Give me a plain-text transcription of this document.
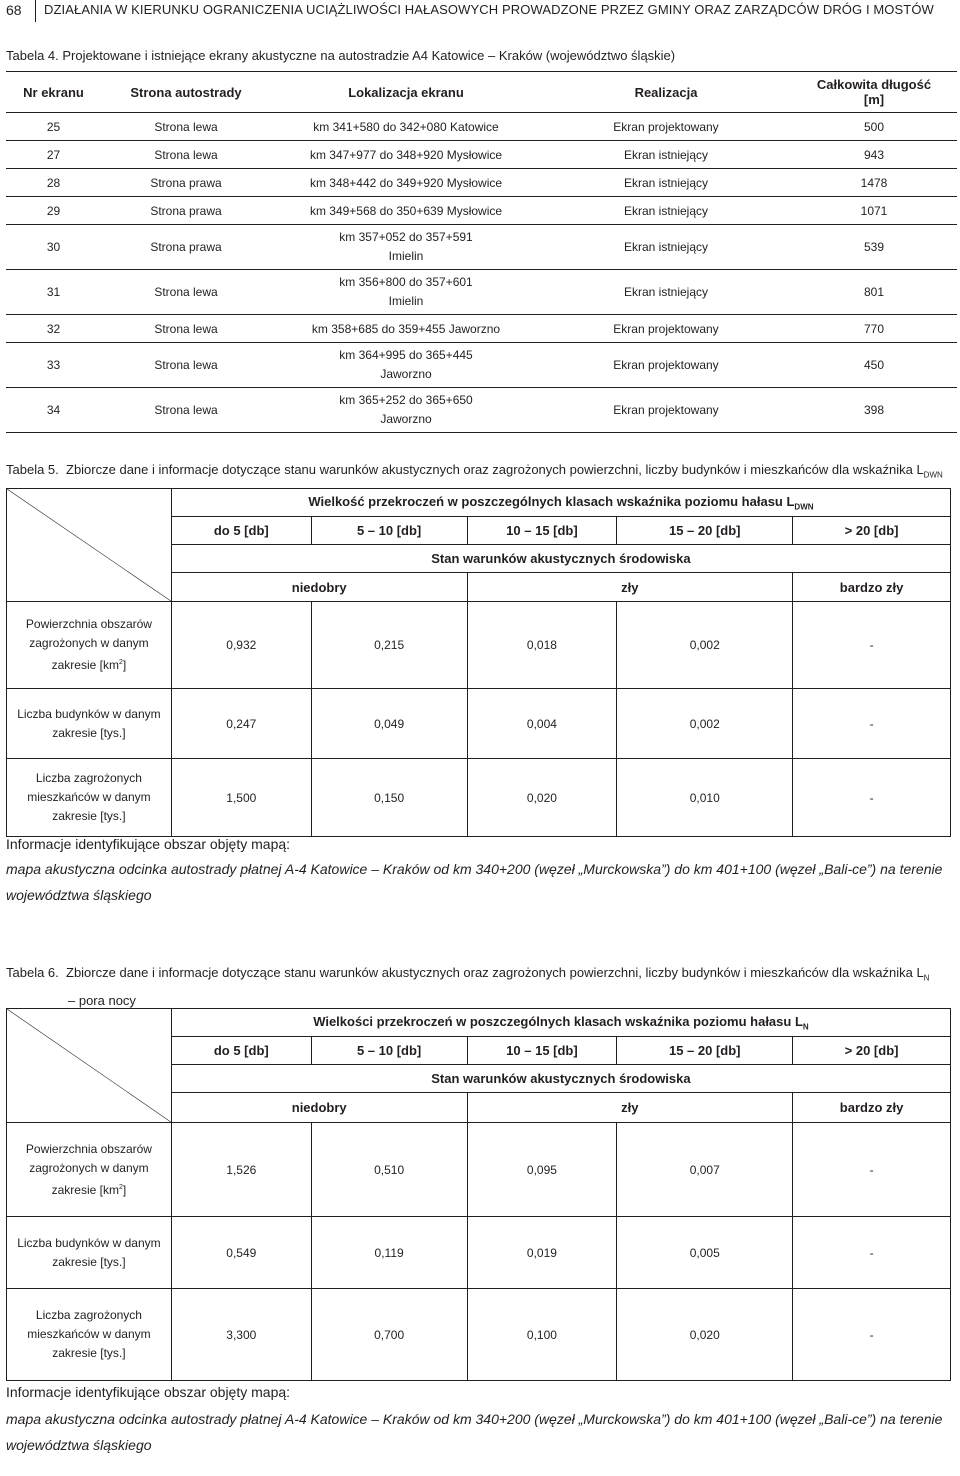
68 DZIAŁANIA W KIERUNKU OGRANICZENIA UCIĄŻLIWOŚCI HAŁASOWYCH PROWADZONE PRZEZ GMINY ORAZ ZARZĄDCÓW DRÓG I MOSTÓW
Tabela 4. Projektowane i istniejące ekrany akustyczne na autostradzie A4 Katowice – Kraków (województwo śląskie)
Nr ekranu	Strona autostrady	Lokalizacja ekranu	Realizacja	Całkowita długość
[m]
25	Strona lewa	km 341+580 do 342+080 Katowice	Ekran projektowany	500
27	Strona lewa	km 347+977 do 348+920 Mysłowice	Ekran istniejący	943
28	Strona prawa	km 348+442 do 349+920 Mysłowice	Ekran istniejący	1478
29	Strona prawa	km 349+568 do 350+639 Mysłowice	Ekran istniejący	1071
30	Strona prawa	km 357+052 do 357+591
Imielin	Ekran istniejący	539
31	Strona lewa	km 356+800 do 357+601
Imielin	Ekran istniejący	801
32	Strona lewa	km 358+685 do 359+455 Jaworzno	Ekran projektowany	770
33	Strona lewa	km 364+995 do 365+445
Jaworzno	Ekran projektowany	450
34	Strona lewa	km 365+252 do 365+650
Jaworzno	Ekran projektowany	398
Tabela 5. Zbiorcze dane i informacje dotyczące stanu warunków akustycznych oraz zagrożonych powierzchni, liczby budynków i mieszkańców dla wskaźnika $L_{DWN}$
	Wielkość przekroczeń w poszczególnych klasach wskaźnika poziomu hałasu $L_{DWN}$
	do 5 [db]	5 – 10 [db]	10 – 15 [db]	15 – 20 [db]	> 20 [db]
	Stan warunków akustycznych środowiska				
	niedobry		zły		bardzo zły
Powierzchnia obszarów zagrożonych w danym zakresie $[km^2]$	0,932	0,215	0,018	0,002	-
Liczba budynków w danym zakresie [tys.]	0,247	0,049	0,004	0,002	-
Liczba zagrożonych mieszkańców w danym zakresie [tys.]	1,500	0,150	0,020	0,010	-
Informacje identyfikujące obszar objęty mapą:
mapa akustyczna odcinka autostrady płatnej A-4 Katowice – Kraków od km 340+200 (węzeł „Murckowska”) do km 401+100 (węzeł „Bali-ce”) na terenie województwa śląskiego
Tabela 6. Zbiorcze dane i informacje dotyczące stanu warunków akustycznych oraz zagrożonych powierzchni, liczby budynków i mieszkańców dla wskaźnika $L_N$
– pora nocy
	Wielkości przekroczeń w poszczególnych klasach wskaźnika poziomu hałasu $L_N$
	do 5 [db]	5 – 10 [db]	10 – 15 [db]	15 – 20 [db]	> 20 [db]
	Stan warunków akustycznych środowiska				
	niedobry		zły		bardzo zły
Powierzchnia obszarów zagrożonych w danym zakresie $[km^2]$	1,526	0,510	0,095	0,007	-
Liczba budynków w danym zakresie [tys.]	0,549	0,119	0,019	0,005	-
Liczba zagrożonych mieszkańców w danym zakresie [tys.]	3,300	0,700	0,100	0,020	-
Informacje identyfikujące obszar objęty mapą:
mapa akustyczna odcinka autostrady płatnej A-4 Katowice – Kraków od km 340+200 (węzeł „Murckowska”) do km 401+100 (węzeł „Bali-ce”) na terenie województwa śląskiego
